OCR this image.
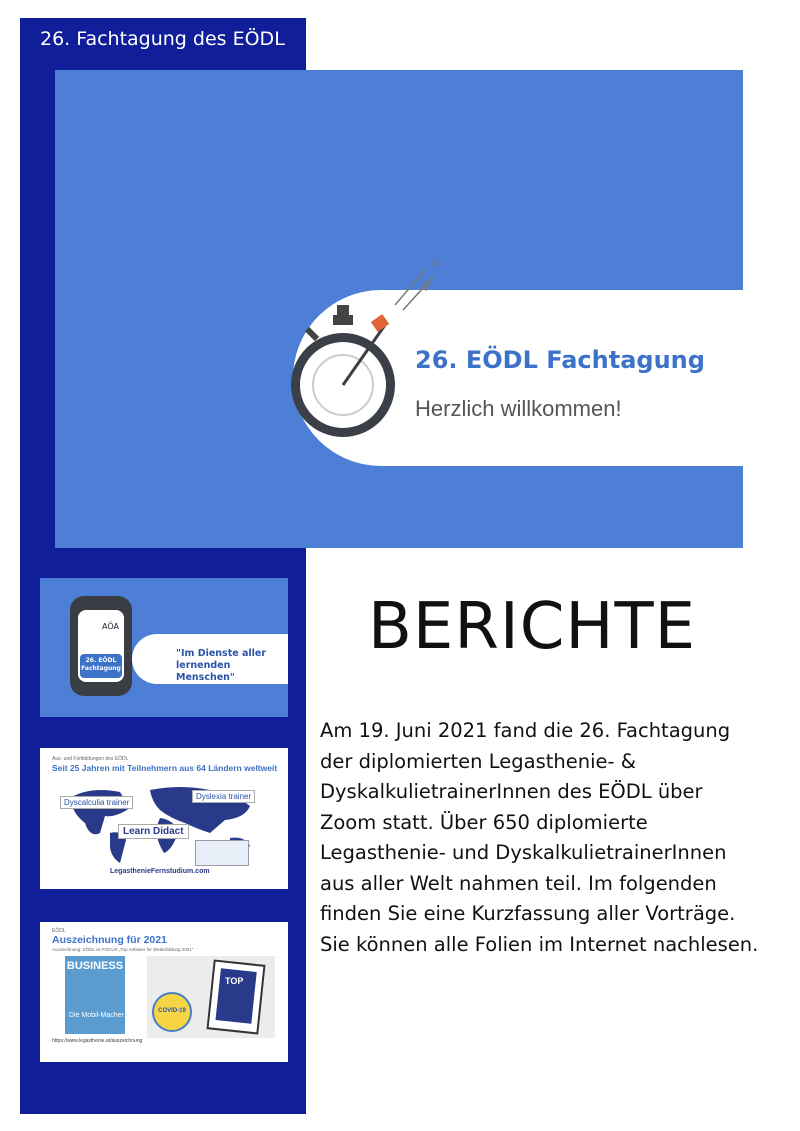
26. Fachtagung des EÖDL
26. EÖDL Fachtagung
Herzlich willkommen!
26. EÖDL
Fachtagung
AÖA
"Im Dienste aller lernenden Menschen"
Aus- und Fortbildungen des EÖDL
Seit 25 Jahren mit Teilnehmern aus 64 Ländern weltweit
Dyscalculia trainer
Dyslexia trainer
Learn Didact
LegasthenieFernstudium.com
EÖDL
Auszeichnung für 2021
Auszeichnung: EÖDL ist FOCUS „Top Anbieter für Weiterbildung 2021“
BUSINESS
Die Mobil-Macher
COVID-19
TOP
https://www.legasthenie.at/auszeichnung
BERICHTE
Am 19. Juni 2021 fand die 26. Fachtagung der diplomierten Legasthenie- & DyskalkulietrainerInnen des EÖDL über Zoom statt. Über 650 diplomierte Legasthenie- und DyskalkulietrainerInnen aus aller Welt nahmen teil. Im folgenden finden Sie eine Kurzfassung aller Vorträge. Sie können alle Folien im Internet nachlesen.
